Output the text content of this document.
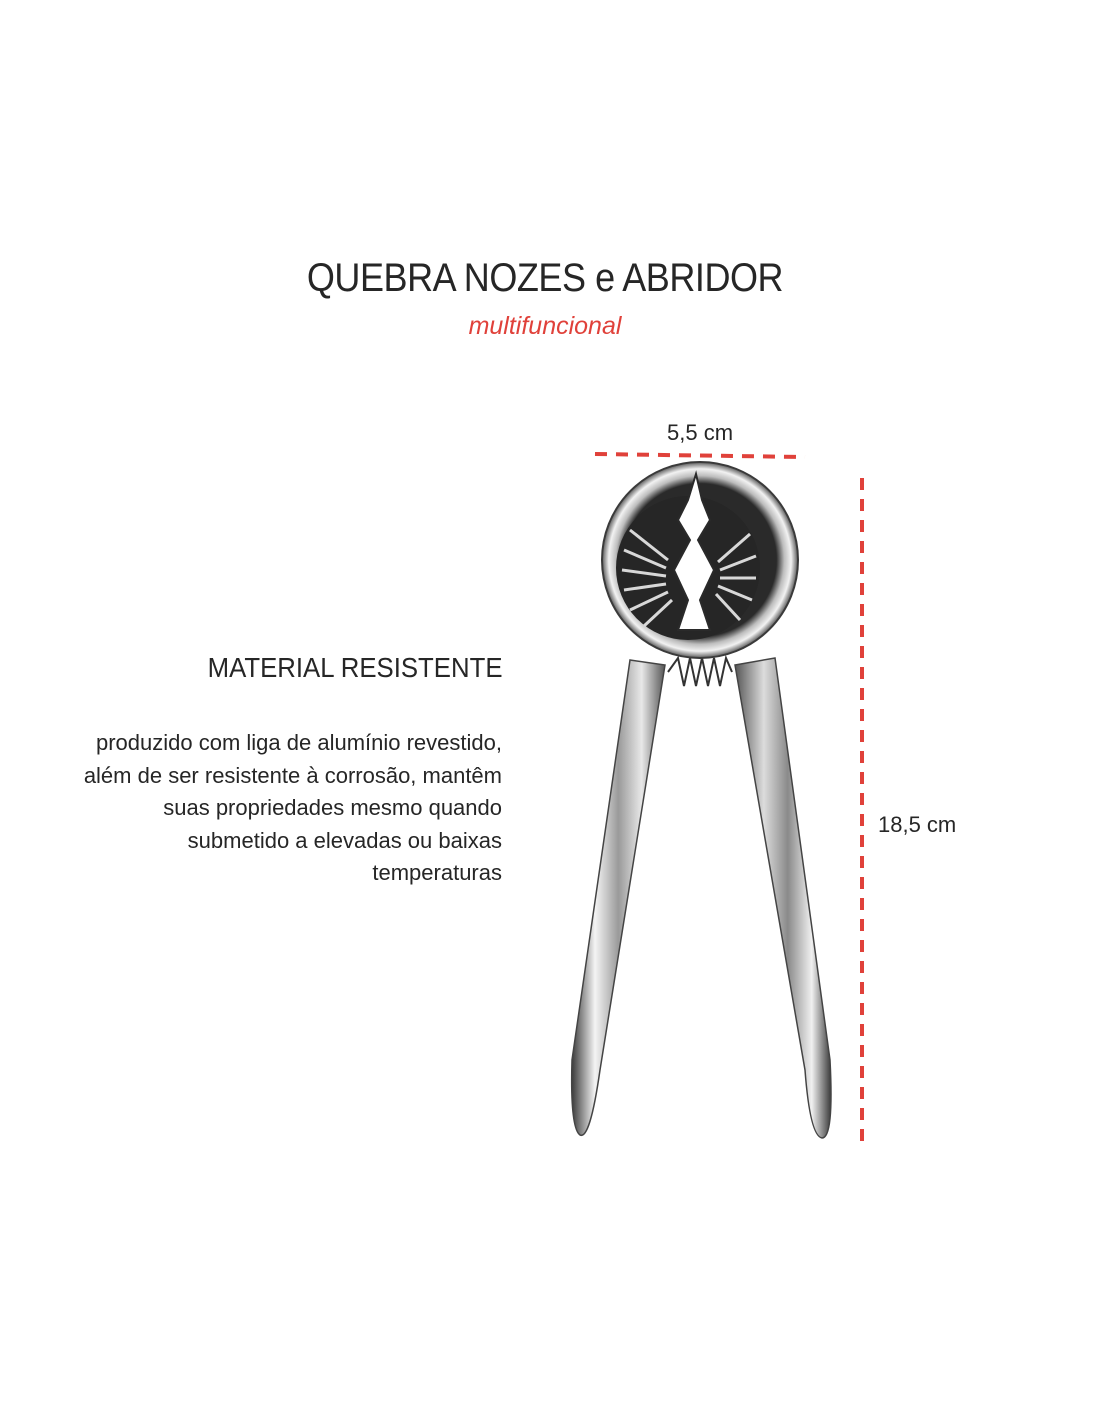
QUEBRA NOZES e ABRIDOR
multifuncional
MATERIAL RESISTENTE
produzido com liga de alumínio revestido,
além de ser resistente à corrosão, mantêm
suas propriedades mesmo quando
submetido a elevadas ou baixas
temperaturas
5,5 cm
18,5 cm
